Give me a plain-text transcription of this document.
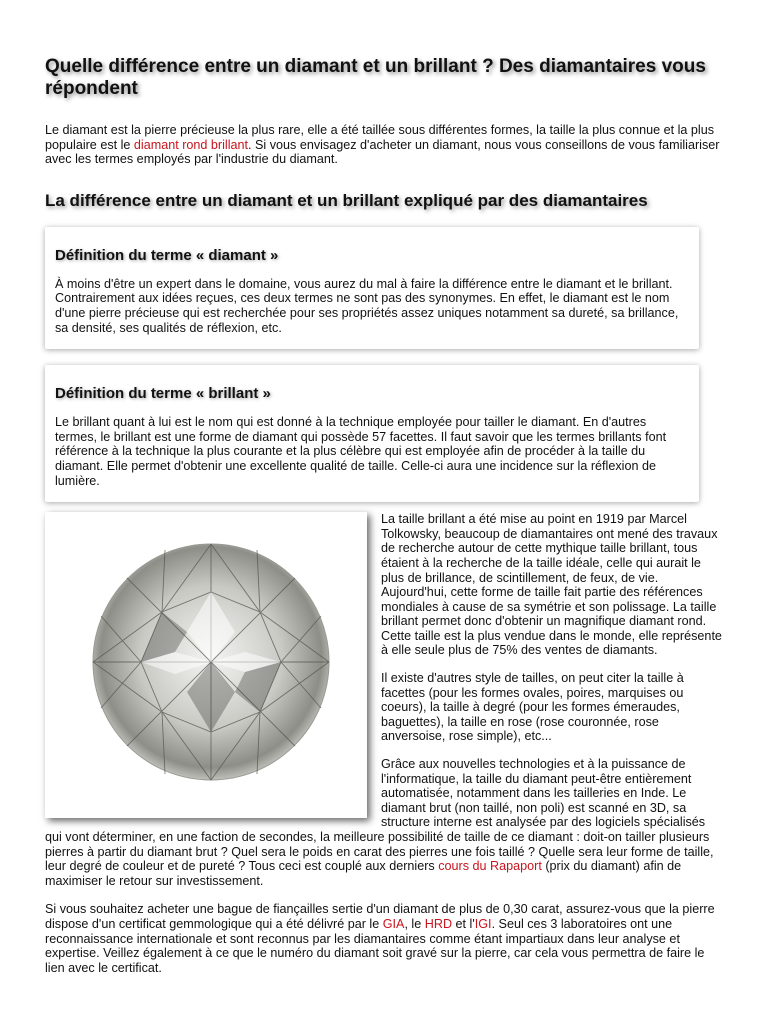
Quelle différence entre un diamant et un brillant ? Des diamantaires vous répondent

Le diamant est la pierre précieuse la plus rare, elle a été taillée sous différentes formes, la taille la plus connue et la plus populaire est le diamant rond brillant. Si vous envisagez d'acheter un diamant, nous vous conseillons de vous familiariser avec les termes employés par l'industrie du diamant.

La différence entre un diamant et un brillant expliqué par des diamantaires
Définition du terme « diamant »

À moins d'être un expert dans le domaine, vous aurez du mal à faire la différence entre le diamant et le brillant. Contrairement aux idées reçues, ces deux termes ne sont pas des synonymes. En effet, le diamant est le nom d'une pierre précieuse qui est recherchée pour ses propriétés assez uniques notamment sa dureté, sa brillance, sa densité, ses qualités de réflexion, etc.

Définition du terme « brillant »

Le brillant quant à lui est le nom qui est donné à la technique employée pour tailler le diamant. En d'autres termes, le brillant est une forme de diamant qui possède 57 facettes. Il faut savoir que les termes brillants font référence à la technique la plus courante et la plus célèbre qui est employée afin de procéder à la taille du diamant. Elle permet d'obtenir une excellente qualité de taille. Celle-ci aura une incidence sur la réflexion de lumière.

La taille brillant a été mise au point en 1919 par Marcel Tolkowsky, beaucoup de diamantaires ont mené des travaux de recherche autour de cette mythique taille brillant, tous étaient à la recherche de la taille idéale, celle qui aurait le plus de brillance, de scintillement, de feux, de vie. Aujourd'hui, cette forme de taille fait partie des références mondiales à cause de sa symétrie et son polissage. La taille brillant permet donc d'obtenir un magnifique diamant rond. Cette taille est la plus vendue dans le monde, elle représente à elle seule plus de 75% des ventes de diamants.

Il existe d'autres style de tailles, on peut citer la taille à facettes (pour les formes ovales, poires, marquises ou coeurs), la taille à degré (pour les formes émeraudes, baguettes), la taille en rose (rose couronnée, rose anversoise, rose simple), etc...

Grâce aux nouvelles technologies et à la puissance de l'informatique, la taille du diamant peut-être entièrement automatisée, notamment dans les tailleries en Inde. Le diamant brut (non taillé, non poli) est scanné en 3D, sa structure interne est analysée par des logiciels spécialisés qui vont déterminer, en une faction de secondes, la meilleure possibilité de taille de ce diamant : doit-on tailler plusieurs pierres à partir du diamant brut ? Quel sera le poids en carat des pierres une fois taillé ? Quelle sera leur forme de taille, leur degré de couleur et de pureté ? Tous ceci est couplé aux derniers cours du Rapaport (prix du diamant) afin de maximiser le retour sur investissement.

Si vous souhaitez acheter une bague de fiançailles sertie d'un diamant de plus de 0,30 carat, assurez-vous que la pierre dispose d'un certificat gemmologique qui a été délivré par le GIA, le HRD et l'IGI. Seul ces 3 laboratoires ont une reconnaissance internationale et sont reconnus par les diamantaires comme étant impartiaux dans leur analyse et expertise. Veillez également à ce que le numéro du diamant soit gravé sur la pierre, car cela vous permettra de faire le lien avec le certificat.
